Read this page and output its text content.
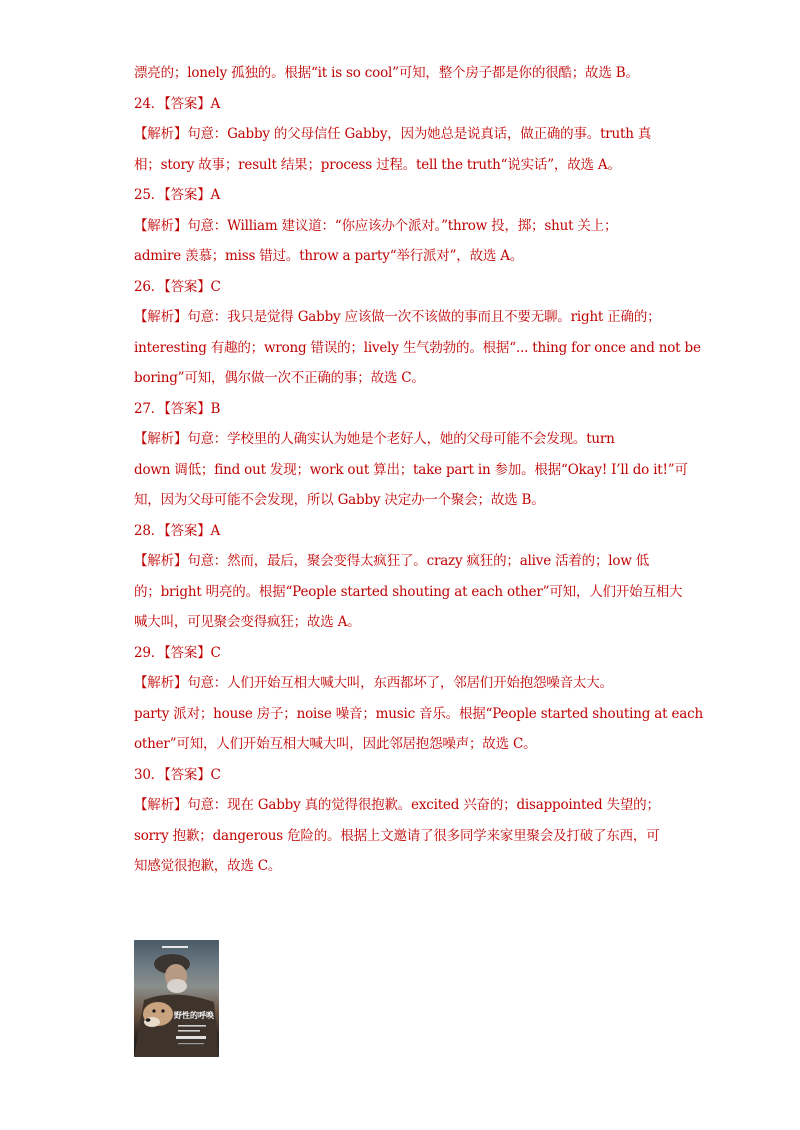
漂亮的；lonely 孤独的。根据“it is so cool”可知，整个房子都是你的很酷；故选 B。
24．【答案】A
【解析】句意：Gabby 的父母信任 Gabby，因为她总是说真话，做正确的事。truth 真
相；story 故事；result 结果；process 过程。tell the truth“说实话”，故选 A。
25．【答案】A
【解析】句意：William 建议道：“你应该办个派对。”throw 投，掷；shut 关上；
admire 羡慕；miss 错过。throw a party“举行派对”，故选 A。
26．【答案】C
【解析】句意：我只是觉得 Gabby 应该做一次不该做的事而且不要无聊。right 正确的；
interesting 有趣的；wrong 错误的；lively 生气勃勃的。根据“... thing for once and not be
boring”可知，偶尔做一次不正确的事；故选 C。
27．【答案】B
【解析】句意：学校里的人确实认为她是个老好人，她的父母可能不会发现。turn
down 调低；find out 发现；work out 算出；take part in 参加。根据“Okay! I’ll do it!”可
知，因为父母可能不会发现，所以 Gabby 决定办一个聚会；故选 B。
28．【答案】A
【解析】句意：然而，最后，聚会变得太疯狂了。crazy 疯狂的；alive 活着的；low 低
的；bright 明亮的。根据“People started shouting at each other”可知，人们开始互相大
喊大叫，可见聚会变得疯狂；故选 A。
29．【答案】C
【解析】句意：人们开始互相大喊大叫，东西都坏了，邻居们开始抱怨噪音太大。
party 派对；house 房子；noise 噪音；music 音乐。根据“People started shouting at each
other”可知，人们开始互相大喊大叫，因此邻居抱怨噪声；故选 C。
30．【答案】C
【解析】句意：现在 Gabby 真的觉得很抱歉。excited 兴奋的；disappointed 失望的；
sorry 抱歉；dangerous 危险的。根据上文邀请了很多同学来家里聚会及打破了东西，可
知感觉很抱歉，故选 C。
野性的呼唤
